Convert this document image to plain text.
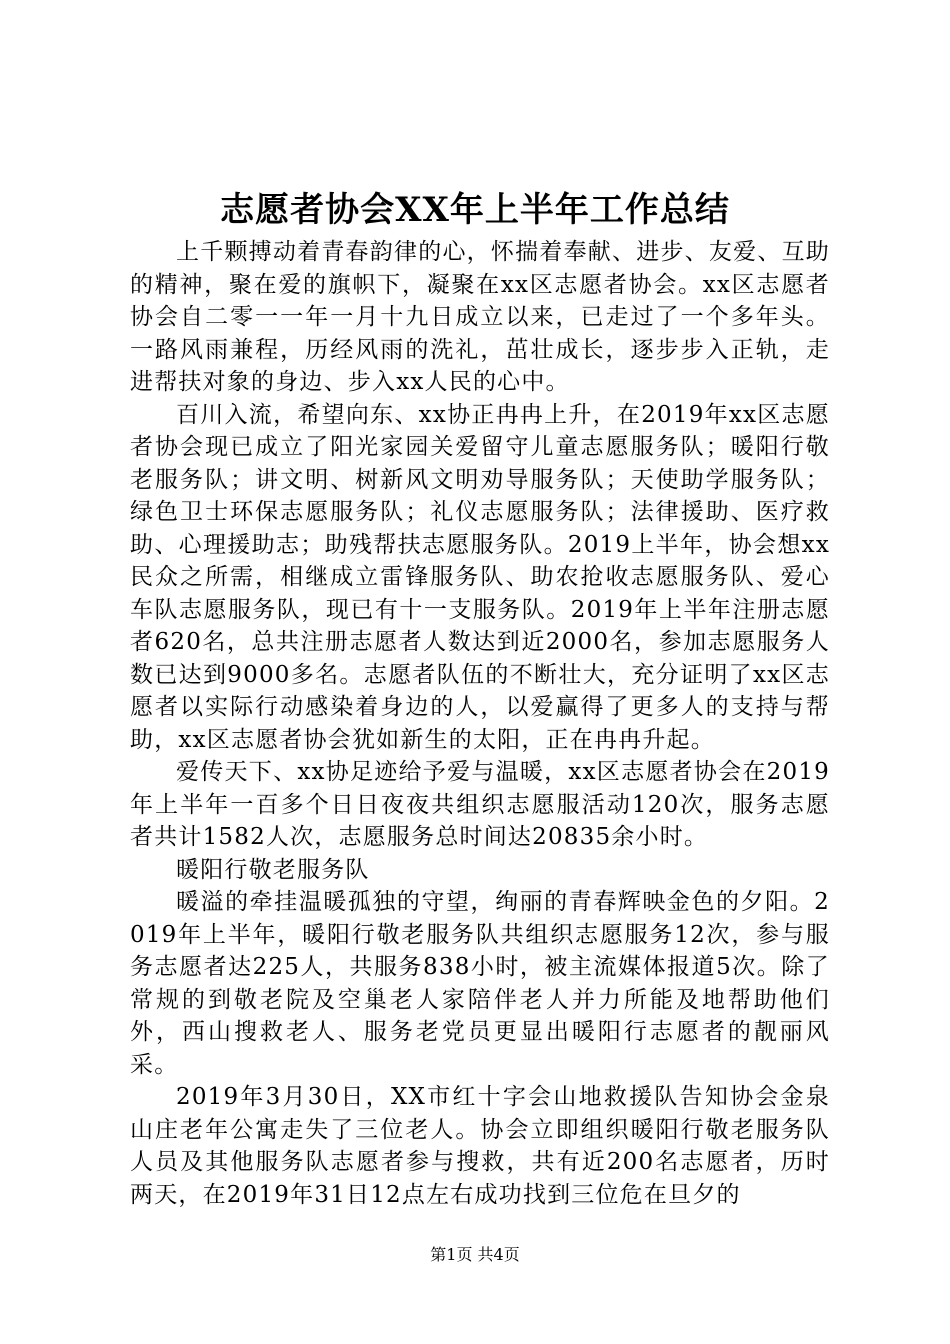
志愿者协会XX年上半年工作总结

上千颗搏动着青春韵律的心，怀揣着奉献、进步、友爱、互助的精神，聚在爱的旗帜下，凝聚在xx区志愿者协会。xx区志愿者协会自二零一一年一月十九日成立以来，已走过了一个多年头。一路风雨兼程，历经风雨的洗礼，茁壮成长，逐步步入正轨，走进帮扶对象的身边、步入xx人民的心中。

百川入流，希望向东、xx协正冉冉上升，在2019年xx区志愿者协会现已成立了阳光家园关爱留守儿童志愿服务队；暖阳行敬老服务队；讲文明、树新风文明劝导服务队；天使助学服务队；绿色卫士环保志愿服务队；礼仪志愿服务队；法律援助、医疗救助、心理援助志；助残帮扶志愿服务队。2019上半年，协会想xx民众之所需，相继成立雷锋服务队、助农抢收志愿服务队、爱心车队志愿服务队，现已有十一支服务队。2019年上半年注册志愿者620名，总共注册志愿者人数达到近2000名，参加志愿服务人数已达到9000多名。志愿者队伍的不断壮大，充分证明了xx区志愿者以实际行动感染着身边的人，以爱赢得了更多人的支持与帮助，xx区志愿者协会犹如新生的太阳，正在冉冉升起。

爱传天下、xx协足迹给予爱与温暖，xx区志愿者协会在2019年上半年一百多个日日夜夜共组织志愿服活动120次，服务志愿者共计1582人次，志愿服务总时间达20835余小时。

暖阳行敬老服务队

暖溢的牵挂温暖孤独的守望，绚丽的青春辉映金色的夕阳。2019年上半年，暖阳行敬老服务队共组织志愿服务12次，参与服务志愿者达225人，共服务838小时，被主流媒体报道5次。除了常规的到敬老院及空巢老人家陪伴老人并力所能及地帮助他们外，西山搜救老人、服务老党员更显出暖阳行志愿者的靓丽风采。

2019年3月30日，XX市红十字会山地救援队告知协会金泉山庄老年公寓走失了三位老人。协会立即组织暖阳行敬老服务队人员及其他服务队志愿者参与搜救，共有近200名志愿者，历时两天，在2019年31日12点左右成功找到三位危在旦夕的

第1页 共4页
